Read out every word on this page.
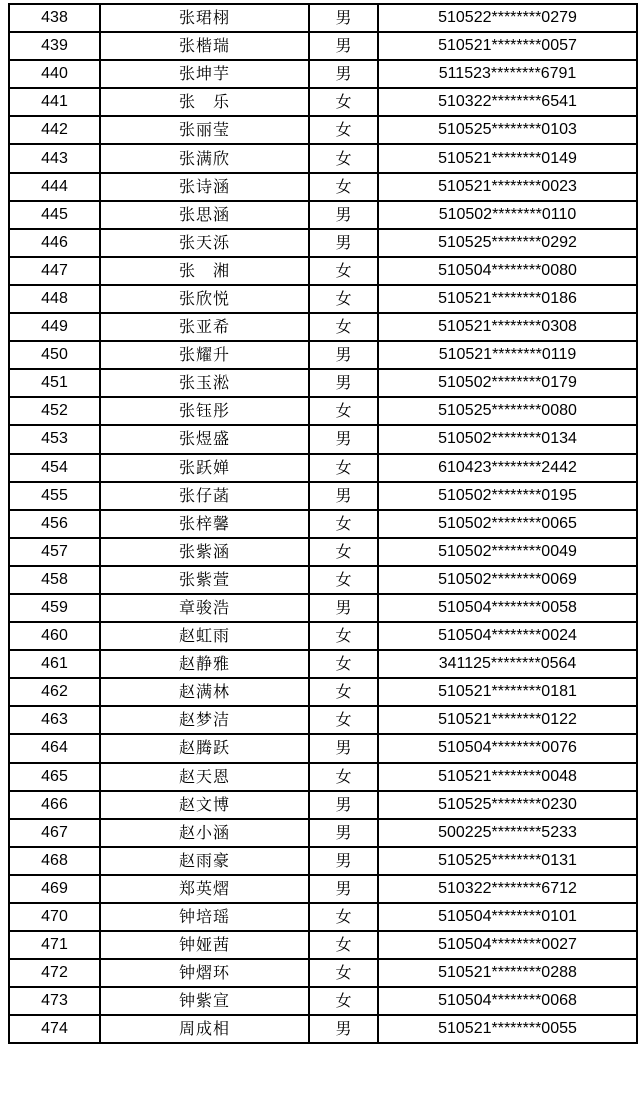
438	张珺栩	男	510522********0279
439	张楷瑞	男	510521********0057
440	张坤芋	男	511523********6791
441	张　乐	女	510322********6541
442	张丽莹	女	510525********0103
443	张满欣	女	510521********0149
444	张诗涵	女	510521********0023
445	张思涵	男	510502********0110
446	张天泺	男	510525********0292
447	张　湘	女	510504********0080
448	张欣悦	女	510521********0186
449	张亚希	女	510521********0308
450	张耀升	男	510521********0119
451	张玉淞	男	510502********0179
452	张钰彤	女	510525********0080
453	张煜盛	男	510502********0134
454	张跃婵	女	610423********2442
455	张仔菡	男	510502********0195
456	张梓馨	女	510502********0065
457	张紫涵	女	510502********0049
458	张紫萱	女	510502********0069
459	章骏浩	男	510504********0058
460	赵虹雨	女	510504********0024
461	赵静雅	女	341125********0564
462	赵满林	女	510521********0181
463	赵梦洁	女	510521********0122
464	赵腾跃	男	510504********0076
465	赵天恩	女	510521********0048
466	赵文博	男	510525********0230
467	赵小涵	男	500225********5233
468	赵雨豪	男	510525********0131
469	郑英熠	男	510322********6712
470	钟培瑶	女	510504********0101
471	钟娅茜	女	510504********0027
472	钟熠环	女	510521********0288
473	钟紫宣	女	510504********0068
474	周成相	男	510521********0055
